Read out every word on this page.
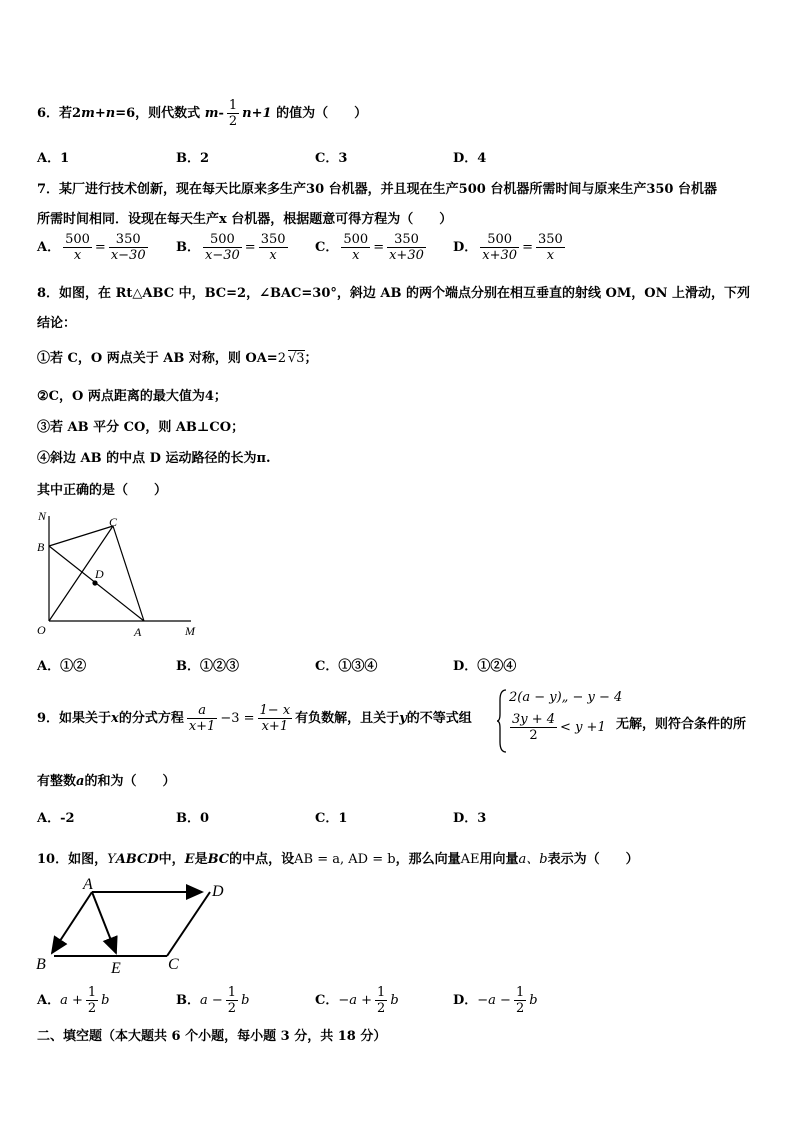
6．若2m+n=6，则代数式 $m- \frac{1}{2} n+1$ 的值为（　　）
A．1	B．2	C．3	D．4
7．某厂进行技术创新，现在每天比原来多生产30 台机器，并且现在生产500 台机器所需时间与原来生产350 台机器
所需时间相同．设现在每天生产x 台机器，根据题意可得方程为（　　）
A． $\frac{500}{x} = \frac{350}{x-30}$ B． $\frac{500}{x-30} = \frac{350}{x}$ C． $\frac{500}{x} = \frac{350}{x+30}$ D． $\frac{500}{x+30} = \frac{350}{x}$
8．如图，在 Rt△ABC 中，BC=2，∠BAC=30°，斜边 AB 的两个端点分别在相互垂直的射线 OM，ON 上滑动，下列
结论：
①若 C，O 两点关于 AB 对称，则 OA=2 √3；
②C，O 两点距离的最大值为4；
③若 AB 平分 CO，则 AB⊥CO；
④斜边 AB 的中点 D 运动路径的长为π.
其中正确的是（　　）
N	C
B
D
O	A	M
A．①②	B．①②③	C．①③④	D．①②④
9．如果关于x的分式方程 $\frac{a}{x+1} -3 = \frac{1- x}{x+1}$ 有负数解，且关于y的不等式组
2(a − y)„ − y − 4
$\frac{3y + 4}{2} < y +1$ 无解，则符合条件的所
有整数a的和为（　　）
A．-2	B．0	C．1	D．3
10．如图，YABCD中，E是BC的中点，设AB = a, AD = b，那么向量AE用向量a、b表示为（　　）
A	D
B	E	C
A．$a + \frac{1}{2}$ b	B．$a - \frac{1}{2}$ b	C．$-a + \frac{1}{2}$ b	D．$-a - \frac{1}{2}$ b
二、填空题（本大题共 6 个小题，每小题 3 分，共 18 分）
